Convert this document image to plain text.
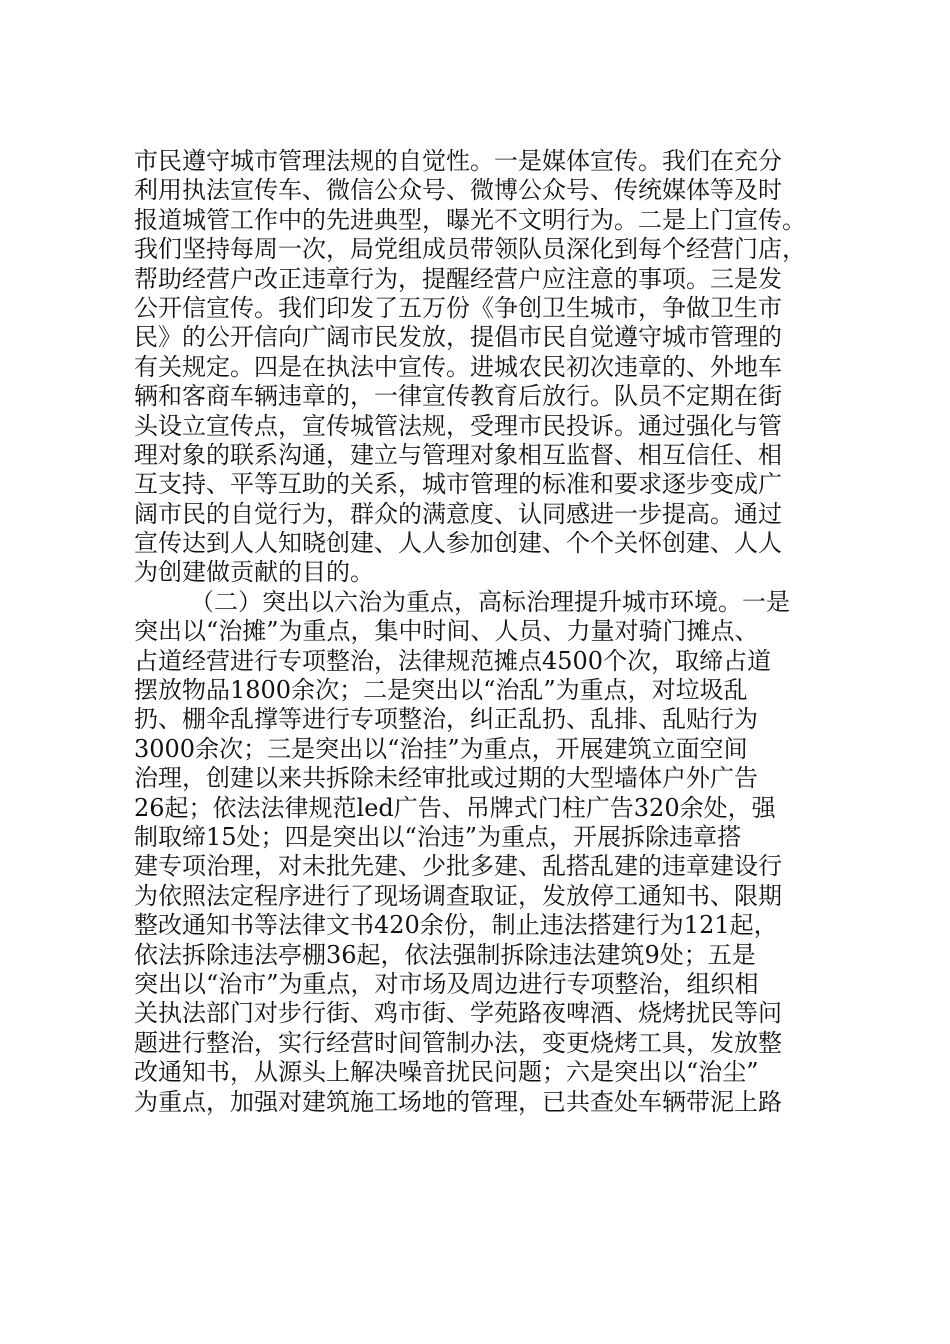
市民遵守城市管理法规的自觉性。一是媒体宣传。我们在充分
利用执法宣传车、微信公众号、微博公众号、传统媒体等及时
报道城管工作中的先进典型，曝光不文明行为。二是上门宣传。
我们坚持每周一次，局党组成员带领队员深化到每个经营门店，
帮助经营户改正违章行为，提醒经营户应注意的事项。三是发
公开信宣传。我们印发了五万份《争创卫生城市，争做卫生市
民》的公开信向广阔市民发放，提倡市民自觉遵守城市管理的
有关规定。四是在执法中宣传。进城农民初次违章的、外地车
辆和客商车辆违章的，一律宣传教育后放行。队员不定期在街
头设立宣传点，宣传城管法规，受理市民投诉。通过强化与管
理对象的联系沟通，建立与管理对象相互监督、相互信任、相
互支持、平等互助的关系，城市管理的标准和要求逐步变成广
阔市民的自觉行为，群众的满意度、认同感进一步提高。通过
宣传达到人人知晓创建、人人参加创建、个个关怀创建、人人
为创建做贡献的目的。
（二）突出以六治为重点，高标治理提升城市环境。一是
突出以“治摊”为重点，集中时间、人员、力量对骑门摊点、
占道经营进行专项整治，法律规范摊点4500个次，取缔占道
摆放物品1800余次；二是突出以“治乱”为重点，对垃圾乱
扔、棚伞乱撑等进行专项整治，纠正乱扔、乱排、乱贴行为
3000余次；三是突出以“治挂”为重点，开展建筑立面空间
治理，创建以来共拆除未经审批或过期的大型墙体户外广告
26起；依法法律规范led广告、吊牌式门柱广告320余处，强
制取缔15处；四是突出以“治违”为重点，开展拆除违章搭
建专项治理，对未批先建、少批多建、乱搭乱建的违章建设行
为依照法定程序进行了现场调查取证，发放停工通知书、限期
整改通知书等法律文书420余份，制止违法搭建行为121起，
依法拆除违法亭棚36起，依法强制拆除违法建筑9处；五是
突出以“治市”为重点，对市场及周边进行专项整治，组织相
关执法部门对步行街、鸡市街、学苑路夜啤酒、烧烤扰民等问
题进行整治，实行经营时间管制办法，变更烧烤工具，发放整
改通知书，从源头上解决噪音扰民问题；六是突出以“治尘”
为重点，加强对建筑施工场地的管理，已共查处车辆带泥上路
